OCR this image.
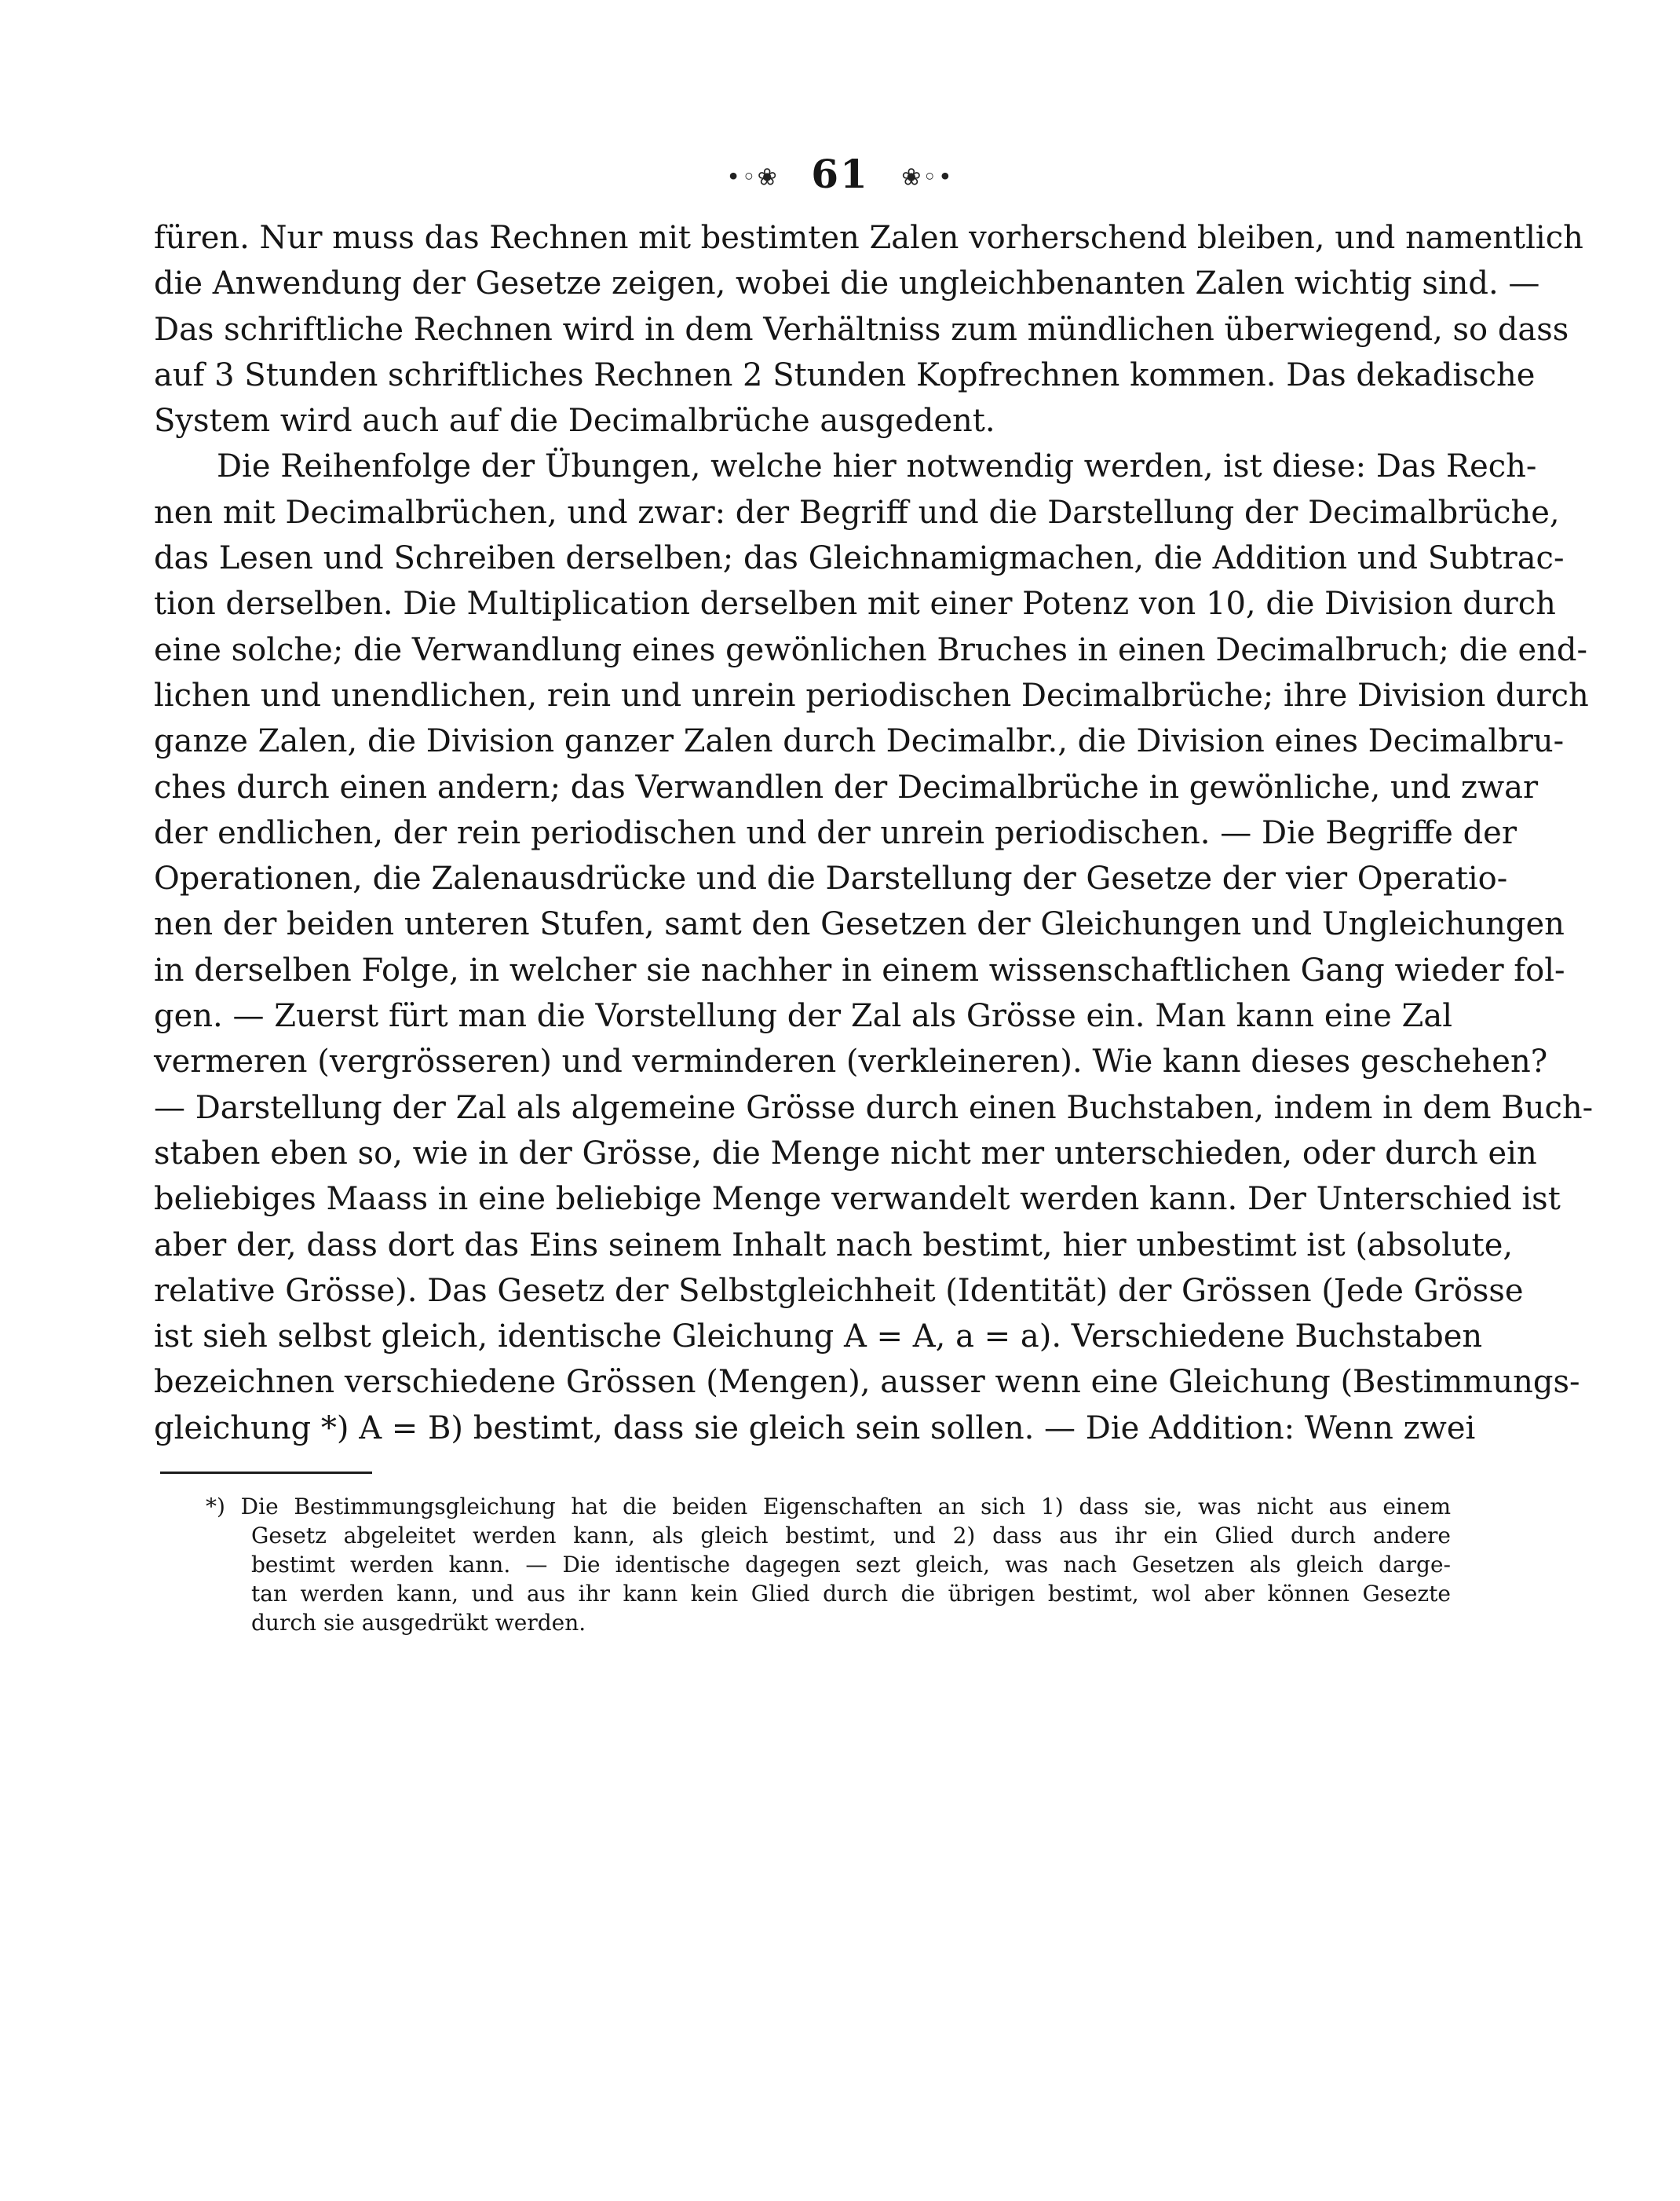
•◦❀ 61 ❀◦•
füren. Nur muss das Rechnen mit bestimten Zalen vorherschend bleiben, und namentlich
die Anwendung der Gesetze zeigen, wobei die ungleichbenanten Zalen wichtig sind. —
Das schriftliche Rechnen wird in dem Verhältniss zum mündlichen überwiegend, so dass
auf 3 Stunden schriftliches Rechnen 2 Stunden Kopfrechnen kommen. Das dekadische
System wird auch auf die Decimalbrüche ausgedent.
Die Reihenfolge der Übungen, welche hier notwendig werden, ist diese: Das Rech-
nen mit Decimalbrüchen, und zwar: der Begriff und die Darstellung der Decimalbrüche,
das Lesen und Schreiben derselben; das Gleichnamigmachen, die Addition und Subtrac-
tion derselben. Die Multiplication derselben mit einer Potenz von 10, die Division durch
eine solche; die Verwandlung eines gewönlichen Bruches in einen Decimalbruch; die end-
lichen und unendlichen, rein und unrein periodischen Decimalbrüche; ihre Division durch
ganze Zalen, die Division ganzer Zalen durch Decimalbr., die Division eines Decimalbru-
ches durch einen andern; das Verwandlen der Decimalbrüche in gewönliche, und zwar
der endlichen, der rein periodischen und der unrein periodischen. — Die Begriffe der
Operationen, die Zalenausdrücke und die Darstellung der Gesetze der vier Operatio-
nen der beiden unteren Stufen, samt den Gesetzen der Gleichungen und Ungleichungen
in derselben Folge, in welcher sie nachher in einem wissenschaftlichen Gang wieder fol-
gen. — Zuerst fürt man die Vorstellung der Zal als Grösse ein. Man kann eine Zal
vermeren (vergrösseren) und verminderen (verkleineren). Wie kann dieses geschehen?
— Darstellung der Zal als algemeine Grösse durch einen Buchstaben, indem in dem Buch-
staben eben so, wie in der Grösse, die Menge nicht mer unterschieden, oder durch ein
beliebiges Maass in eine beliebige Menge verwandelt werden kann. Der Unterschied ist
aber der, dass dort das Eins seinem Inhalt nach bestimt, hier unbestimt ist (absolute,
relative Grösse). Das Gesetz der Selbstgleichheit (Identität) der Grössen (Jede Grösse
ist sieh selbst gleich, identische Gleichung A = A, a = a). Verschiedene Buchstaben
bezeichnen verschiedene Grössen (Mengen), ausser wenn eine Gleichung (Bestimmungs-
gleichung *) A = B) bestimt, dass sie gleich sein sollen. — Die Addition: Wenn zwei
*) Die Bestimmungsgleichung hat die beiden Eigenschaften an sich 1) dass sie, was nicht aus einem
Gesetz abgeleitet werden kann, als gleich bestimt, und 2) dass aus ihr ein Glied durch andere
bestimt werden kann. — Die identische dagegen sezt gleich, was nach Gesetzen als gleich darge-
tan werden kann, und aus ihr kann kein Glied durch die übrigen bestimt, wol aber können Gesezte
durch sie ausgedrükt werden.
